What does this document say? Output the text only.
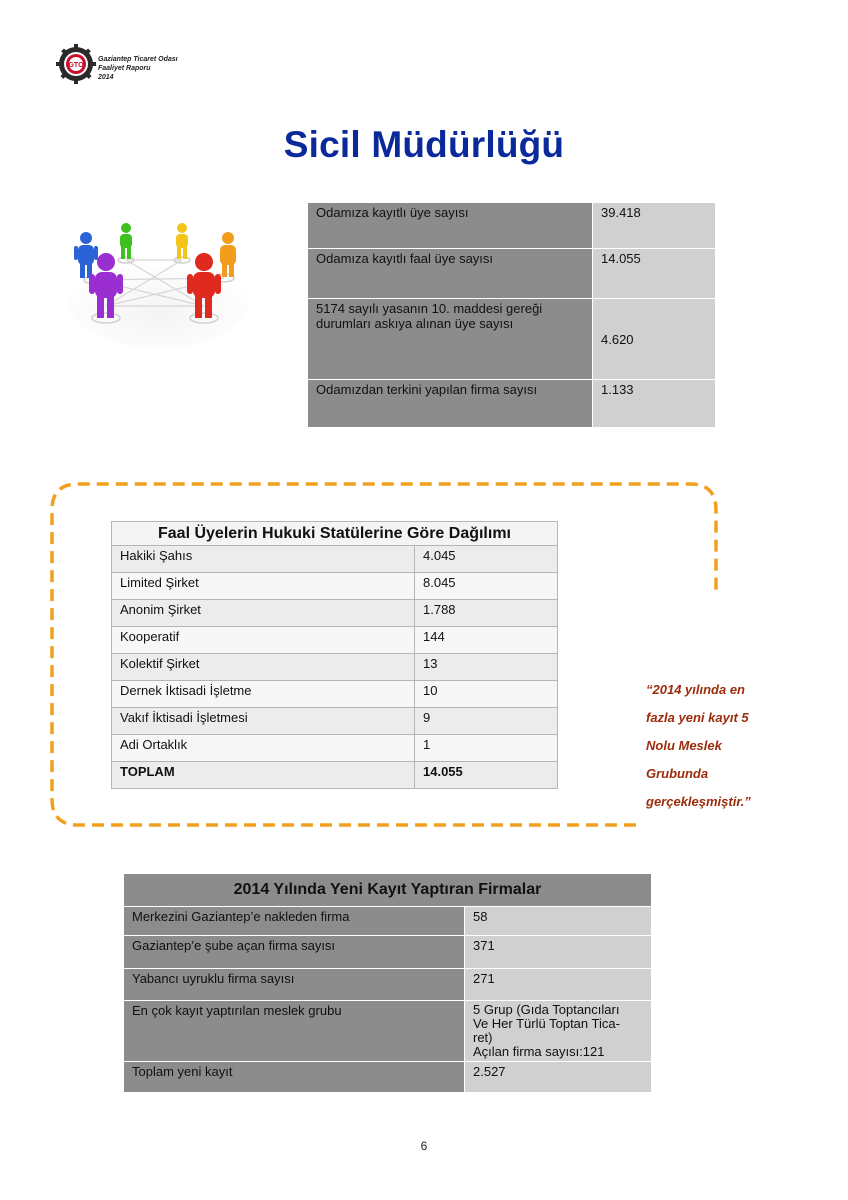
GTO
Gaziantep Ticaret Odası
Faaliyet Raporu
2014
Sicil Müdürlüğü
Odamıza kayıtlı üye sayısı	39.418
Odamıza kayıtlı faal üye sayısı	14.055

5174 sayılı yasanın 10. maddesi gereği
durumları askıya alınan üye sayısı	4.620
Odamızdan terkini yapılan firma sayısı	1.133
Faal Üyelerin Hukuki Statülerine Göre Dağılımı	
Hakiki Şahıs	4.045
Limited Şirket	8.045
Anonim Şirket	1.788
Kooperatif	144
Kolektif Şirket	13
Dernek İktisadi İşletme	10
Vakıf İktisadi İşletmesi	9
Adi Ortaklık	1
TOPLAM	14.055
“2014 yılında en
fazla yeni kayıt 5
Nolu Meslek
Grubunda
gerçekleşmiştir.”
2014 Yılında Yeni Kayıt Yaptıran Firmalar	
Merkezini Gaziantep’e nakleden firma	58
Gaziantep’e şube açan firma sayısı	371
Yabancı uyruklu firma sayısı	271
En çok kayıt yaptırılan meslek grubu	5 Grup (Gıda Toptancıları
Ve Her Türlü Toptan Tica-
ret)
Açılan firma sayısı:121

Toplam yeni kayıt	2.527
6
